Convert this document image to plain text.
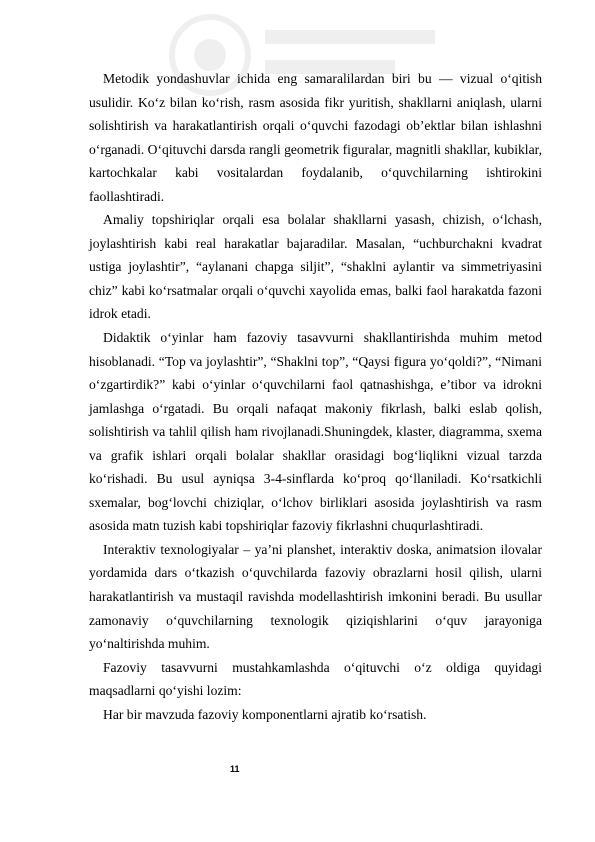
Metodik yondashuvlar ichida eng samaralilardan biri bu — vizual o‘qitish usulidir. Ko‘z bilan ko‘rish, rasm asosida fikr yuritish, shakllarni aniqlash, ularni solishtirish va harakatlantirish orqali o‘quvchi fazodagi ob’ektlar bilan ishlashni o‘rganadi. O‘qituvchi darsda rangli geometrik figuralar, magnitli shakllar, kubiklar, kartochkalar kabi vositalardan foydalanib, o‘quvchilarning ishtirokini faollashtiradi.

Amaliy topshiriqlar orqali esa bolalar shakllarni yasash, chizish, o‘lchash, joylashtirish kabi real harakatlar bajaradilar. Masalan, “uchburchakni kvadrat ustiga joylashtir”, “aylanani chapga siljit”, “shaklni aylantir va simmetriyasini chiz” kabi ko‘rsatmalar orqali o‘quvchi xayolida emas, balki faol harakatda fazoni idrok etadi.

Didaktik o‘yinlar ham fazoviy tasavvurni shakllantirishda muhim metod hisoblanadi. “Top va joylashtir”, “Shaklni top”, “Qaysi figura yo‘qoldi?”, “Nimani o‘zgartirdik?” kabi o‘yinlar o‘quvchilarni faol qatnashishga, e’tibor va idrokni jamlashga o‘rgatadi. Bu orqali nafaqat makoniy fikrlash, balki eslab qolish, solishtirish va tahlil qilish ham rivojlanadi.Shuningdek, klaster, diagramma, sxema va grafik ishlari orqali bolalar shakllar orasidagi bog‘liqlikni vizual tarzda ko‘rishadi. Bu usul ayniqsa 3-4-sinflarda ko‘proq qo‘llaniladi. Ko‘rsatkichli sxemalar, bog‘lovchi chiziqlar, o‘lchov birliklari asosida joylashtirish va rasm asosida matn tuzish kabi topshiriqlar fazoviy fikrlashni chuqurlashtiradi.

Interaktiv texnologiyalar – ya’ni planshet, interaktiv doska, animatsion ilovalar yordamida dars o‘tkazish o‘quvchilarda fazoviy obrazlarni hosil qilish, ularni harakatlantirish va mustaqil ravishda modellashtirish imkonini beradi. Bu usullar zamonaviy o‘quvchilarning texnologik qiziqishlarini o‘quv jarayoniga yo‘naltirishda muhim.

Fazoviy tasavvurni mustahkamlashda o‘qituvchi o‘z oldiga quyidagi maqsadlarni qo‘yishi lozim:

Har bir mavzuda fazoviy komponentlarni ajratib ko‘rsatish.

11
